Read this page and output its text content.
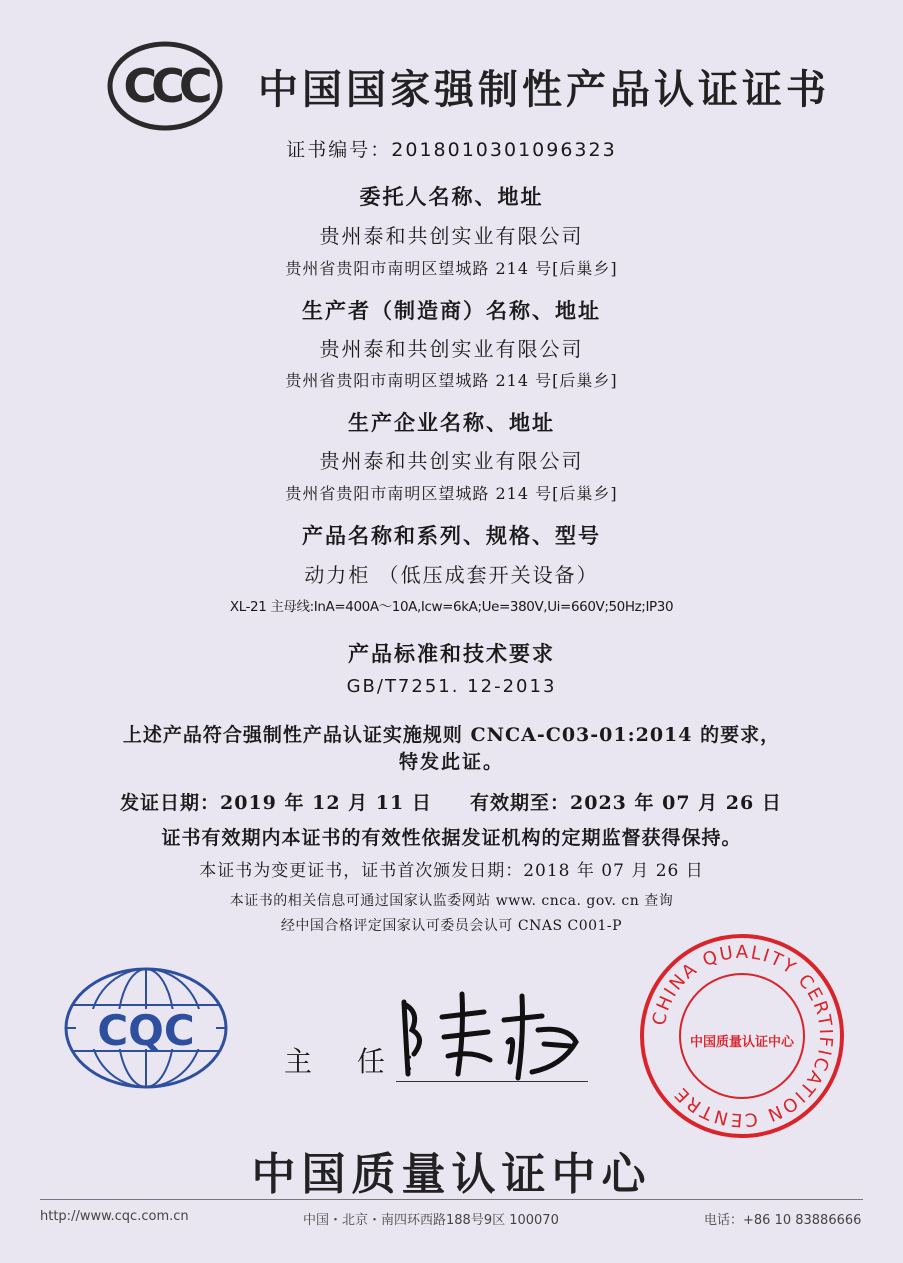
CCC 中国国家强制性产品认证证书
证书编号：2018010301096323
委托人名称、地址
贵州泰和共创实业有限公司
贵州省贵阳市南明区望城路 214 号[后巢乡]
生产者（制造商）名称、地址
贵州泰和共创实业有限公司
贵州省贵阳市南明区望城路 214 号[后巢乡]
生产企业名称、地址
贵州泰和共创实业有限公司
贵州省贵阳市南明区望城路 214 号[后巢乡]
产品名称和系列、规格、型号
动力柜 （低压成套开关设备）
XL-21 主母线:InA=400A～10A,Icw=6kA;Ue=380V,Ui=660V;50Hz;IP30
产品标准和技术要求
GB/T7251. 12-2013
上述产品符合强制性产品认证实施规则 CNCA-C03-01:2014 的要求，
特发此证。
发证日期：2019 年 12 月 11 日 有效期至：2023 年 07 月 26 日
证书有效期内本证书的有效性依据发证机构的定期监督获得保持。
本证书为变更证书，证书首次颁发日期：2018 年 07 月 26 日
本证书的相关信息可通过国家认监委网站 www. cnca. gov. cn 查询
经中国合格评定国家认可委员会认可 CNAS C001-P
CQC
主 任：
CHINA QUALITY CERTIFICATION CENTRE
中国质量认证中心
中国质量认证中心
http://www.cqc.com.cn	中国・北京・南四环西路188号9区 100070	电话：+86 10 83886666
